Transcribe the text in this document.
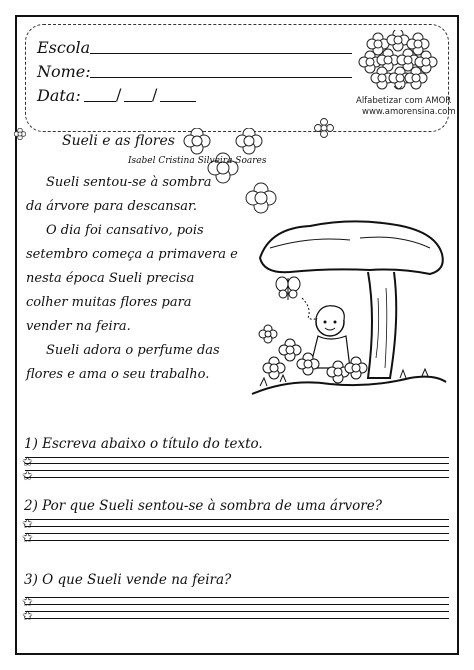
Escola
Nome:
Data: / /	Alfabetizar com AMOR
www.amorensina.com
Sueli e as flores
Isabel Cristina Silveira Soares
Sueli sentou-se à sombra
da árvore para descansar.
O dia foi cansativo, pois
setembro começa a primavera e
nesta época Sueli precisa
colher muitas flores para
vender na feira.
Sueli adora o perfume das
flores e ama o seu trabalho.
1) Escreva abaixo o título do texto.
✩
✩
2) Por que Sueli sentou-se à sombra de uma árvore?
✩
✩
3) O que Sueli vende na feira?
✩
✩
